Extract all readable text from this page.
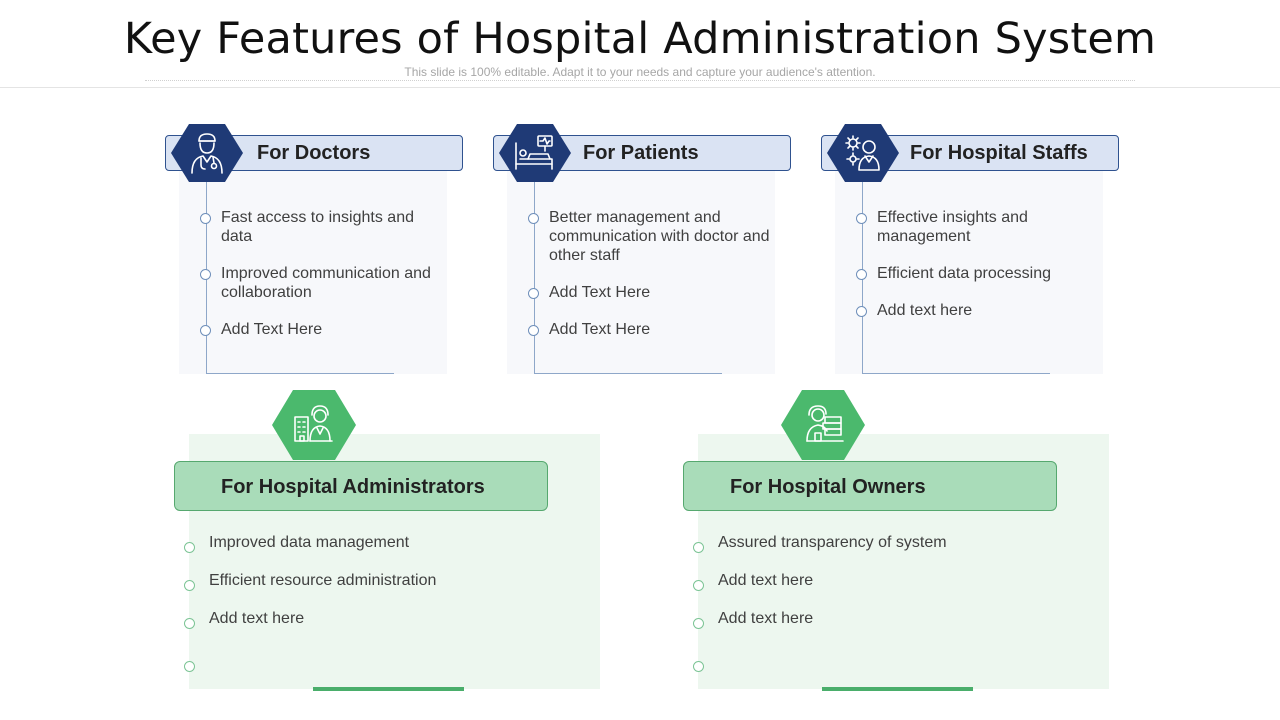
Key Features of Hospital Administration System
This slide is 100% editable. Adapt it to your needs and capture your audience's attention.
For Doctors
Fast access to insights and data
Improved communication and collaboration
Add Text Here
For Patients
Better management and communication with doctor and other staff
Add Text Here
Add Text Here
For Hospital Staffs
Effective insights and management
Efficient data processing
Add text here
For Hospital Administrators
Improved data management
Efficient resource administration
Add text here
For Hospital Owners
Assured transparency of system
Add text here
Add text here
